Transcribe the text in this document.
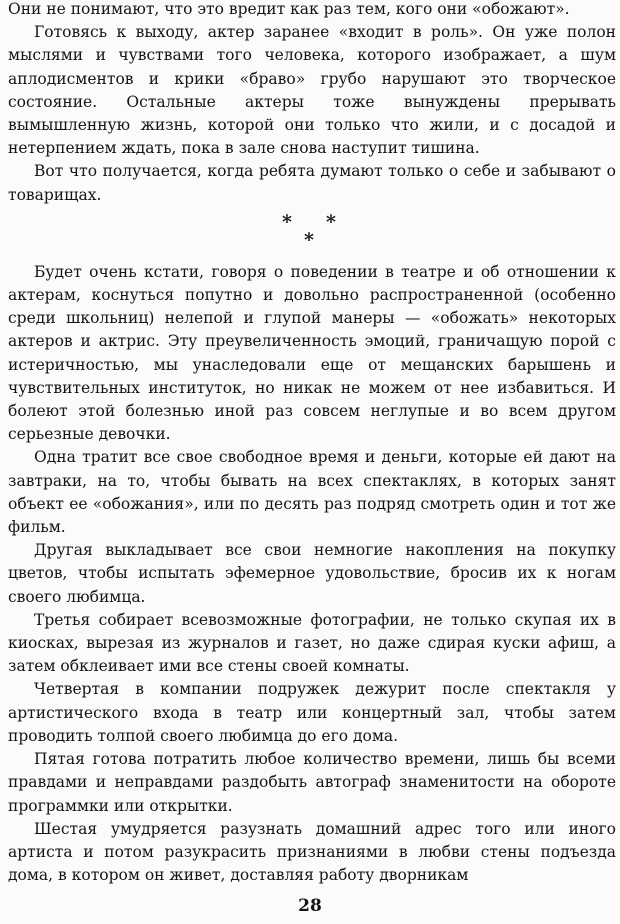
Они не понимают, что это вредит как раз тем, кого они «обожают».

Готовясь к выходу, актер заранее «входит в роль». Он уже полон мыслями и чувствами того человека, которого изображает, а шум аплодисментов и крики «браво» грубо нарушают это творческое состояние. Остальные актеры тоже вынуждены прерывать вымышленную жизнь, которой они только что жили, и с досадой и нетерпением ждать, пока в зале снова наступит тишина.

Вот что получается, когда ребята думают только о себе и забывают о товарищах.

* *
*

Будет очень кстати, говоря о поведении в театре и об отношении к актерам, коснуться попутно и довольно распространенной (особенно среди школьниц) нелепой и глупой манеры — «обожать» некоторых актеров и актрис. Эту преувеличенность эмоций, граничащую порой с истеричностью, мы унаследовали еще от мещанских барышень и чувствительных институток, но никак не можем от нее избавиться. И болеют этой болезнью иной раз совсем неглупые и во всем другом серьезные девочки.

Одна тратит все свое свободное время и деньги, которые ей дают на завтраки, на то, чтобы бывать на всех спектаклях, в которых занят объект ее «обожания», или по десять раз подряд смотреть один и тот же фильм.

Другая выкладывает все свои немногие накопления на покупку цветов, чтобы испытать эфемерное удовольствие, бросив их к ногам своего любимца.

Третья собирает всевозможные фотографии, не только скупая их в киосках, вырезая из журналов и газет, но даже сдирая куски афиш, а затем обклеивает ими все стены своей комнаты.

Четвертая в компании подружек дежурит после спектакля у артистического входа в театр или концертный зал, чтобы затем проводить толпой своего любимца до его дома.

Пятая готова потратить любое количество времени, лишь бы всеми правдами и неправдами раздобыть автограф знаменитости на обороте программки или открытки.

Шестая умудряется разузнать домашний адрес того или иного артиста и потом разукрасить признаниями в любви стены подъезда дома, в котором он живет, доставляя работу дворникам

28
